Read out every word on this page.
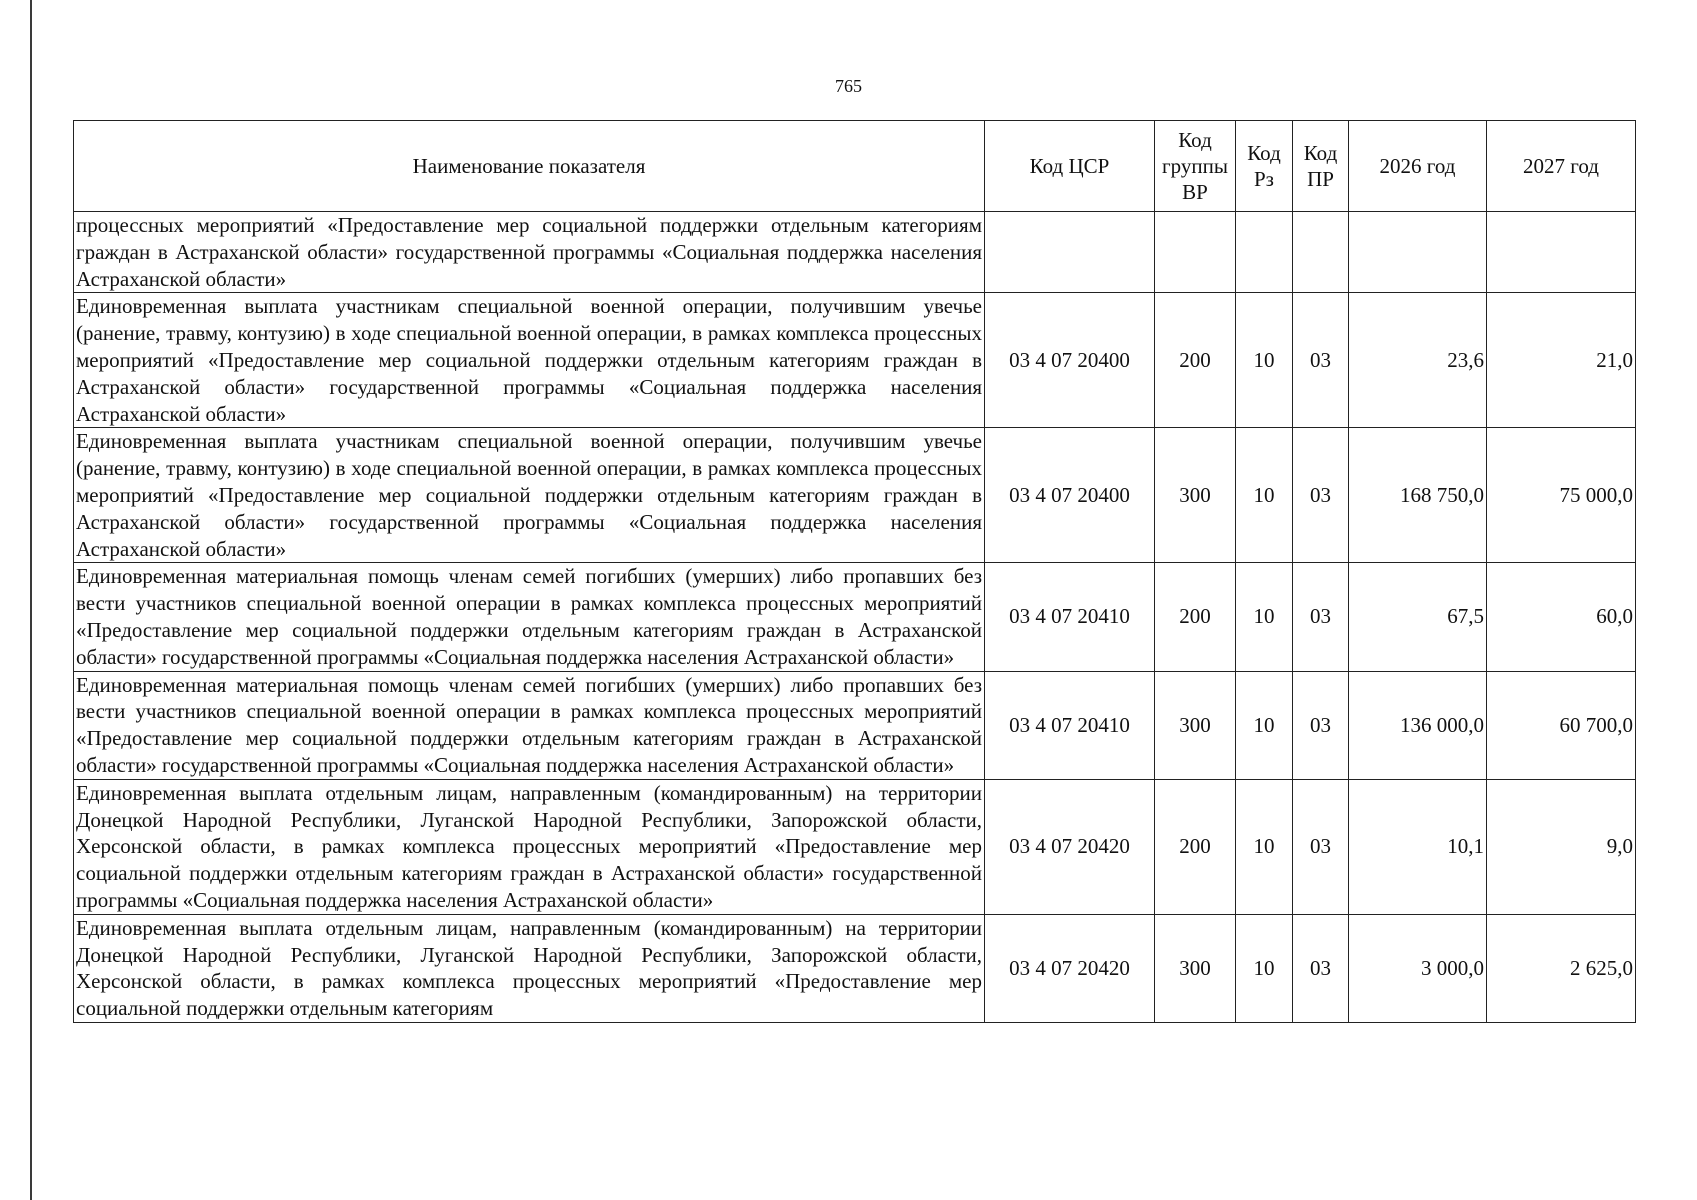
765
Наименование показателя	Код ЦСР	Код группы ВР	Код Рз	Код ПР	2026 год	2027 год
процессных мероприятий «Предоставление мер социальной поддержки отдельным категориям граждан в Астраханской области» государственной программы «Социальная поддержка населения Астраханской области»						
Единовременная выплата участникам специальной военной операции, получившим увечье (ранение, травму, контузию) в ходе специальной военной операции, в рамках комплекса процессных мероприятий «Предоставление мер социальной поддержки отдельным категориям граждан в Астраханской области» государственной программы «Социальная поддержка населения Астраханской области»	03 4 07 20400	200	10	03	23,6	21,0
Единовременная выплата участникам специальной военной операции, получившим увечье (ранение, травму, контузию) в ходе специальной военной операции, в рамках комплекса процессных мероприятий «Предоставление мер социальной поддержки отдельным категориям граждан в Астраханской области» государственной программы «Социальная поддержка населения Астраханской области»	03 4 07 20400	300	10	03	168 750,0	75 000,0
Единовременная материальная помощь членам семей погибших (умерших) либо пропавших без вести участников специальной военной операции в рамках комплекса процессных мероприятий «Предоставление мер социальной поддержки отдельным категориям граждан в Астраханской области» государственной программы «Социальная поддержка населения Астраханской области»	03 4 07 20410	200	10	03	67,5	60,0
Единовременная материальная помощь членам семей погибших (умерших) либо пропавших без вести участников специальной военной операции в рамках комплекса процессных мероприятий «Предоставление мер социальной поддержки отдельным категориям граждан в Астраханской области» государственной программы «Социальная поддержка населения Астраханской области»	03 4 07 20410	300	10	03	136 000,0	60 700,0
Единовременная выплата отдельным лицам, направленным (командированным) на территории Донецкой Народной Республики, Луганской Народной Республики, Запорожской области, Херсонской области, в рамках комплекса процессных мероприятий «Предоставление мер социальной поддержки отдельным категориям граждан в Астраханской области» государственной программы «Социальная поддержка населения Астраханской области»	03 4 07 20420	200	10	03	10,1	9,0
Единовременная выплата отдельным лицам, направленным (командированным) на территории Донецкой Народной Республики, Луганской Народной Республики, Запорожской области, Херсонской области, в рамках комплекса процессных мероприятий «Предоставление мер социальной поддержки отдельным категориям	03 4 07 20420	300	10	03	3 000,0	2 625,0
